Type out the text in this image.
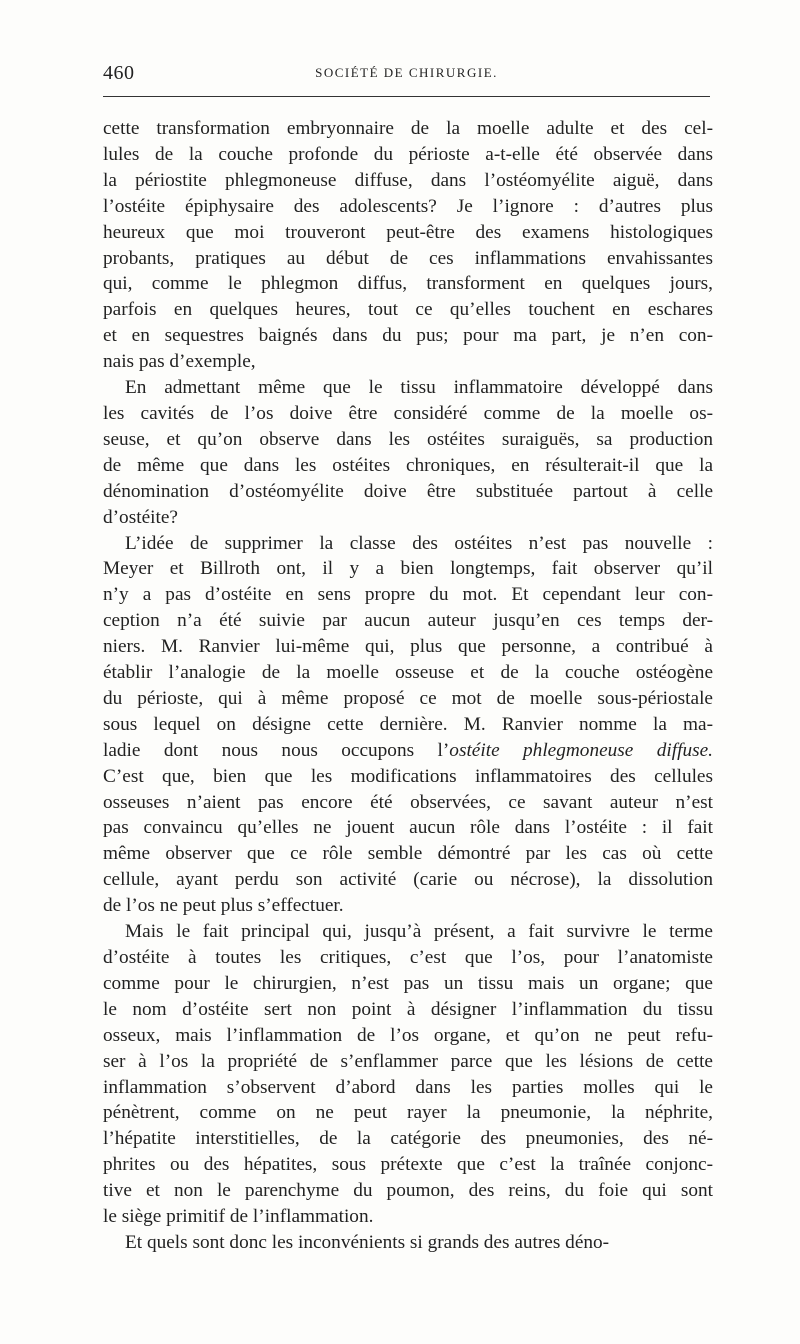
460	SOCIÉTÉ DE CHIRURGIE.
cette transformation embryonnaire de la moelle adulte et des cel-
lules de la couche profonde du périoste a-t-elle été observée dans
la périostite phlegmoneuse diffuse, dans l’ostéomyélite aiguë, dans
l’ostéite épiphysaire des adolescents? Je l’ignore : d’autres plus
heureux que moi trouveront peut-être des examens histologiques
probants, pratiques au début de ces inflammations envahissantes
qui, comme le phlegmon diffus, transforment en quelques jours,
parfois en quelques heures, tout ce qu’elles touchent en eschares
et en sequestres baignés dans du pus; pour ma part, je n’en con-
nais pas d’exemple,
En admettant même que le tissu inflammatoire développé dans
les cavités de l’os doive être considéré comme de la moelle os-
seuse, et qu’on observe dans les ostéites suraiguës, sa production
de même que dans les ostéites chroniques, en résulterait-il que la
dénomination d’ostéomyélite doive être substituée partout à celle
d’ostéite?
L’idée de supprimer la classe des ostéites n’est pas nouvelle :
Meyer et Billroth ont, il y a bien longtemps, fait observer qu’il
n’y a pas d’ostéite en sens propre du mot. Et cependant leur con-
ception n’a été suivie par aucun auteur jusqu’en ces temps der-
niers. M. Ranvier lui-même qui, plus que personne, a contribué à
établir l’analogie de la moelle osseuse et de la couche ostéogène
du périoste, qui à même proposé ce mot de moelle sous-périostale
sous lequel on désigne cette dernière. M. Ranvier nomme la ma-
ladie dont nous nous occupons l’ostéite phlegmoneuse diffuse.
C’est que, bien que les modifications inflammatoires des cellules
osseuses n’aient pas encore été observées, ce savant auteur n’est
pas convaincu qu’elles ne jouent aucun rôle dans l’ostéite : il fait
même observer que ce rôle semble démontré par les cas où cette
cellule, ayant perdu son activité (carie ou nécrose), la dissolution
de l’os ne peut plus s’effectuer.
Mais le fait principal qui, jusqu’à présent, a fait survivre le terme
d’ostéite à toutes les critiques, c’est que l’os, pour l’anatomiste
comme pour le chirurgien, n’est pas un tissu mais un organe; que
le nom d’ostéite sert non point à désigner l’inflammation du tissu
osseux, mais l’inflammation de l’os organe, et qu’on ne peut refu-
ser à l’os la propriété de s’enflammer parce que les lésions de cette
inflammation s’observent d’abord dans les parties molles qui le
pénètrent, comme on ne peut rayer la pneumonie, la néphrite,
l’hépatite interstitielles, de la catégorie des pneumonies, des né-
phrites ou des hépatites, sous prétexte que c’est la traînée conjonc-
tive et non le parenchyme du poumon, des reins, du foie qui sont
le siège primitif de l’inflammation.
Et quels sont donc les inconvénients si grands des autres déno-
